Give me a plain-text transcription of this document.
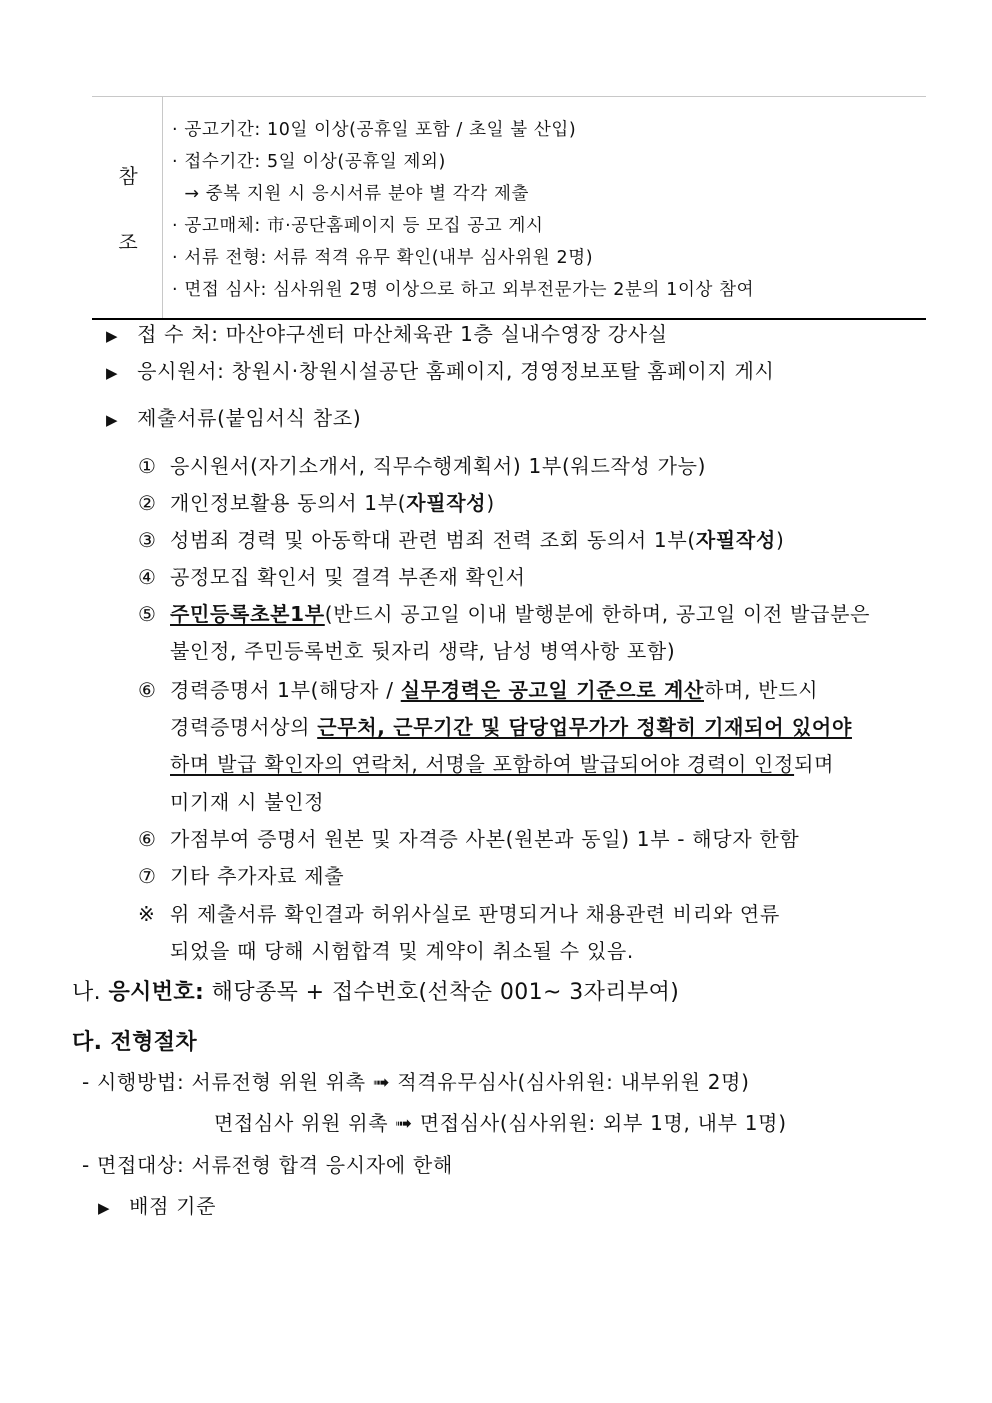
참
조
· 공고기간: 10일 이상(공휴일 포함 / 초일 불 산입)
· 접수기간: 5일 이상(공휴일 제외)
→ 중복 지원 시 응시서류 분야 별 각각 제출
· 공고매체: 市·공단홈페이지 등 모집 공고 게시
· 서류 전형: 서류 적격 유무 확인(내부 심사위원 2명)
· 면접 심사: 심사위원 2명 이상으로 하고 외부전문가는 2분의 1이상 참여
▶ 접 수 처: 마산야구센터 마산체육관 1층 실내수영장 강사실
▶ 응시원서: 창원시·창원시설공단 홈페이지, 경영정보포탈 홈페이지 게시
▶ 제출서류(붙임서식 참조)
① 응시원서(자기소개서, 직무수행계획서) 1부(워드작성 가능)
② 개인정보활용 동의서 1부(자필작성)
③ 성범죄 경력 및 아동학대 관련 범죄 전력 조회 동의서 1부(자필작성)
④ 공정모집 확인서 및 결격 부존재 확인서
⑤ 주민등록초본1부(반드시 공고일 이내 발행분에 한하며, 공고일 이전 발급분은
불인정, 주민등록번호 뒷자리 생략, 남성 병역사항 포함)
⑥ 경력증명서 1부(해당자 / 실무경력은 공고일 기준으로 계산하며, 반드시
경력증명서상의 근무처, 근무기간 및 담당업무가가 정확히 기재되어 있어야
하며 발급 확인자의 연락처, 서명을 포함하여 발급되어야 경력이 인정되며
미기재 시 불인정
⑥ 가점부여 증명서 원본 및 자격증 사본(원본과 동일) 1부 - 해당자 한함
⑦ 기타 추가자료 제출
※ 위 제출서류 확인결과 허위사실로 판명되거나 채용관련 비리와 연류
되었을 때 당해 시험합격 및 계약이 취소될 수 있음.
나. 응시번호: 해당종목 + 접수번호(선착순 001~ 3자리부여)
다. 전형절차
- 시행방법: 서류전형 위원 위촉 ➟ 적격유무심사(심사위원: 내부위원 2명)
면접심사 위원 위촉 ➟ 면접심사(심사위원: 외부 1명, 내부 1명)
- 면접대상: 서류전형 합격 응시자에 한해
▶ 배점 기준
